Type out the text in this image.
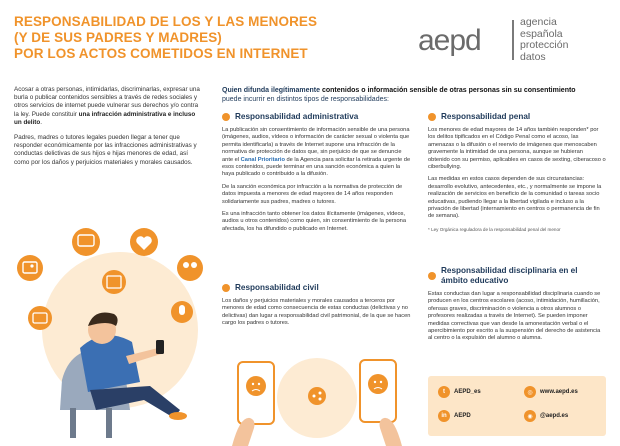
RESPONSABILIDAD DE LOS Y LAS MENORES
(Y DE SUS PADRES Y MADRES)
POR LOS ACTOS COMETIDOS EN INTERNET	aepd
agencia
española
protección
datos

Acosar a otras personas, intimidarlas, discriminarlas, expresar una burla o publicar contenidos sensibles a través de redes sociales y otros servicios de internet puede vulnerar sus derechos y/o contra la ley. Puede constituir una infracción administrativa e incluso un delito.

Padres, madres o tutores legales pueden llegar a tener que responder económicamente por las infracciones administrativas y conductas delictivas de sus hijos e hijas menores de edad, así como por los daños y perjuicios materiales y morales causados.

Quien difunda ilegítimamente contenidos o información sensible de otras personas sin su consentimiento puede incurrir en distintos tipos de responsabilidades:
Responsabilidad administrativa

La publicación sin consentimiento de información sensible de una persona (imágenes, audios, vídeos o información de carácter sexual o violenta que permita identificarla) a través de Internet supone una infracción de la normativa de protección de datos que, sin perjuicio de que se denuncie ante el Canal Prioritario de la Agencia para solicitar la retirada urgente de esos contenidos, puede terminar en una sanción económica a quien la haya publicado o contribuido a la difusión.

De la sanción económica por infracción a la normativa de protección de datos impuesta a menores de edad mayores de 14 años responden solidariamente sus padres, madres o tutores.

Es una infracción tanto obtener los datos ilícitamente (imágenes, vídeos, audios u otros contenidos) como quien, sin consentimiento de la persona afectada, los ha difundido o publicado en Internet.

Responsabilidad penal

Los menores de edad mayores de 14 años también responden* por los delitos tipificados en el Código Penal como el acoso, las amenazas o la difusión o el reenvío de imágenes que menoscaben gravemente la intimidad de una persona, aunque se hubieran obtenido con su permiso, aplicables en casos de sexting, ciberacoso o ciberbullying.

Las medidas en estos casos dependen de sus circunstancias: desarrollo evolutivo, antecedentes, etc., y normalmente se impone la realización de servicios en beneficio de la comunidad o tareas socio educativas, pudiendo llegar a la libertad vigilada e incluso a la privación de libertad (internamiento en centros o permanencia de fin de semana).

* Ley Orgánica reguladora de la responsabilidad penal del menor

Responsabilidad civil

Los daños y perjuicios materiales y morales causados a terceros por menores de edad como consecuencia de estas conductas (delictivas y no delictivas) dan lugar a responsabilidad civil patrimonial, de la que se hacen cargo los padres o tutores.

Responsabilidad disciplinaria en el ámbito educativo

Estas conductas dan lugar a responsabilidad disciplinaria cuando se producen en los centros escolares (acoso, intimidación, humillación, ofensas graves, discriminación o violencia a otros alumnos o profesores realizadas a través de Internet). Se pueden imponer medidas correctivas que van desde la amonestación verbal o el apercibimiento por escrito a la suspensión del derecho de asistencia al centro o la expulsión del alumno o alumna.

t	AEPD_es	◎	www.aepd.es
in	AEPD	◉	@aepd.es
